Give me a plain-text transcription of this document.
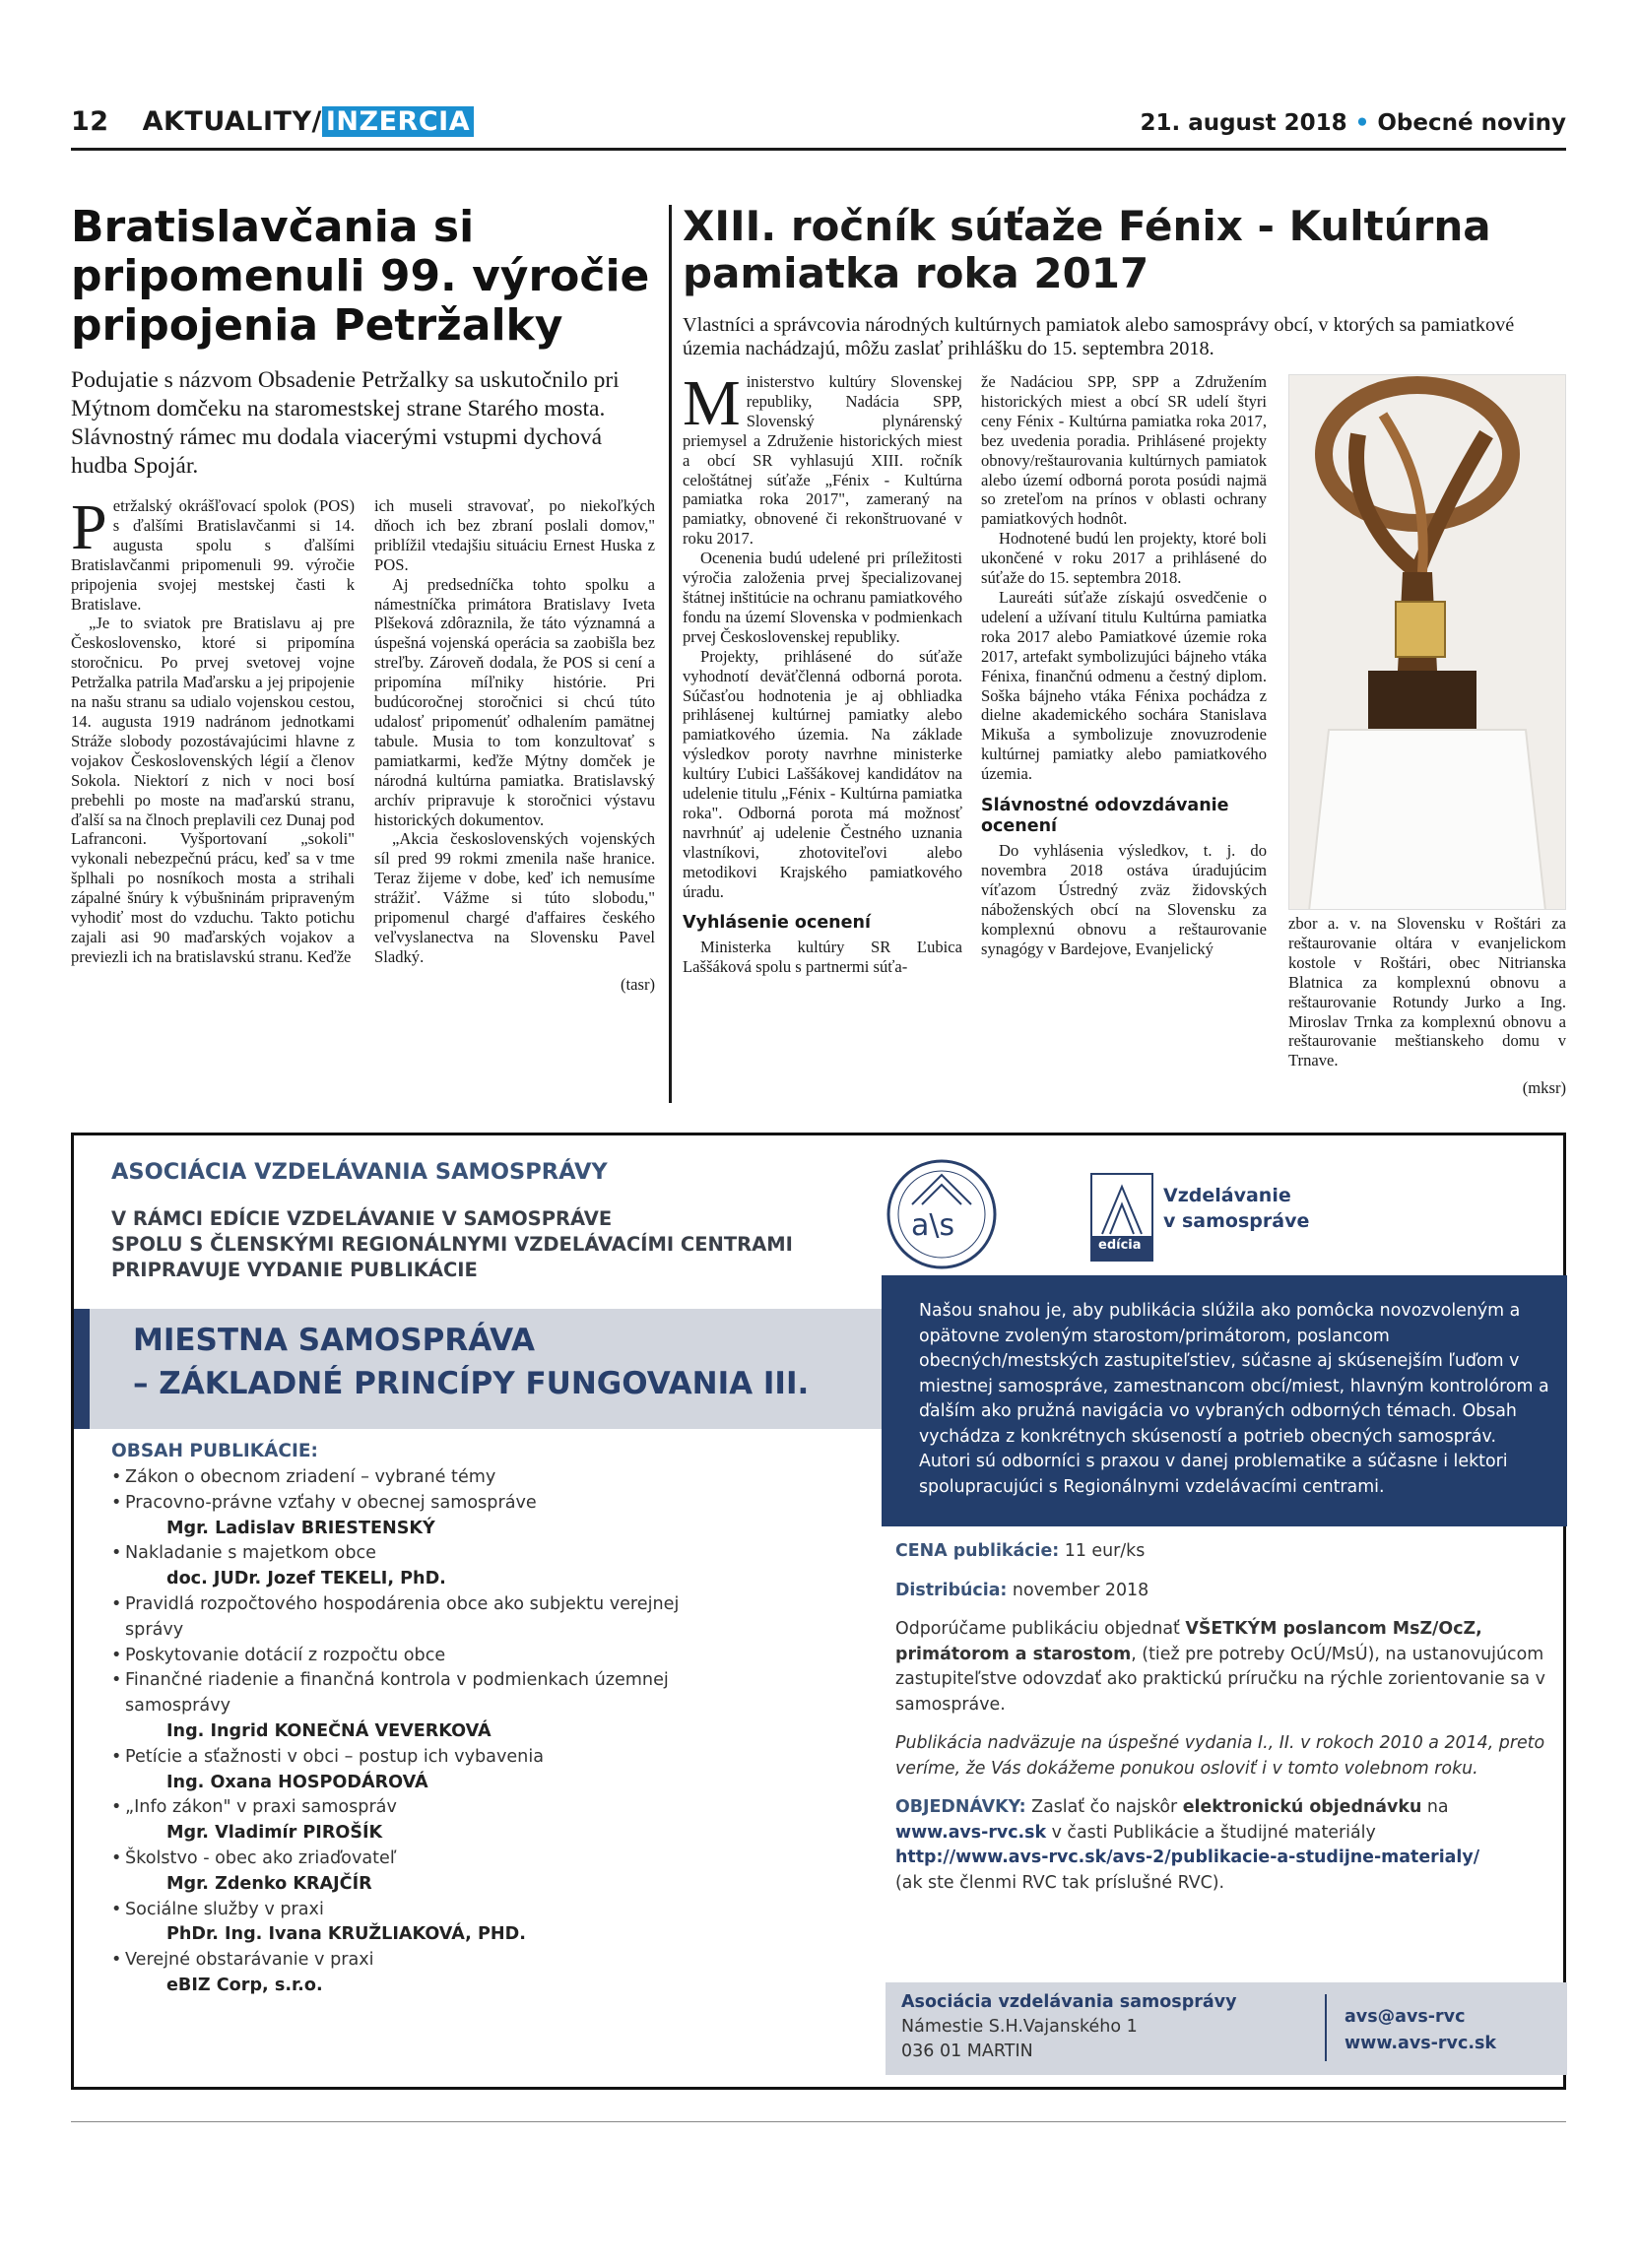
12 AKTUALITY/ INZERCIA	21. august 2018 • Obecné noviny
Bratislavčania si pripomenuli 99. výročie pripojenia Petržalky

Podujatie s názvom Obsadenie Petržalky sa uskutočnilo pri Mýtnom domčeku na staromestskej strane Starého mosta. Slávnostný rámec mu dodala viacerými vstupmi dychová hudba Spojár.

Petržalský okrášľovací spolok (POS) s ďalšími Bratislavčanmi si 14. augusta spolu s ďalšími Bratislavčanmi pripomenuli 99. výročie pripojenia svojej mestskej časti k Bratislave.

„Je to sviatok pre Bratislavu aj pre Československo, ktoré si pripomína storočnicu. Po prvej svetovej vojne Petržalka patrila Maďarsku a jej pripojenie na našu stranu sa udialo vojenskou cestou, 14. augusta 1919 nadránom jednotkami Stráže slobody pozostávajúcimi hlavne z vojakov Československých légií a členov Sokola. Niektorí z nich v noci bosí prebehli po moste na maďarskú stranu, ďalší sa na člnoch preplavili cez Dunaj pod Lafranconi. Vyšportovaní „sokoli" vykonali nebezpečnú prácu, keď sa v tme šplhali po nosníkoch mosta a strihali zápalné šnúry k výbušninám pripraveným vyhodiť most do vzduchu. Takto potichu zajali asi 90 maďarských vojakov a previezli ich na bratislavskú stranu. Keďže

ich museli stravovať, po niekoľkých dňoch ich bez zbraní poslali domov," priblížil vtedajšiu situáciu Ernest Huska z POS.

Aj predsedníčka tohto spolku a námestníčka primátora Bratislavy Iveta Plšeková zdôraznila, že táto významná a úspešná vojenská operácia sa zaobišla bez streľby. Zároveň dodala, že POS si cení a pripomína míľniky histórie. Pri budúcoročnej storočnici si chcú túto udalosť pripomenúť odhalením pamätnej tabule. Musia to tom konzultovať s pamiatkarmi, keďže Mýtny domček je národná kultúrna pamiatka. Bratislavský archív pripravuje k storočnici výstavu historických dokumentov.

„Akcia československých vojenských síl pred 99 rokmi zmenila naše hranice. Teraz žijeme v dobe, keď ich nemusíme strážiť. Vážme si túto slobodu," pripomenul chargé d'affaires českého veľvyslanectva na Slovensku Pavel Sladký.

(tasr)
XIII. ročník súťaže Fénix - Kultúrna pamiatka roka 2017

Vlastníci a správcovia národných kultúrnych pamiatok alebo samosprávy obcí, v ktorých sa pamiatkové územia nachádzajú, môžu zaslať prihlášku do 15. septembra 2018.

Ministerstvo kultúry Slovenskej republiky, Nadácia SPP, Slovenský plynárenský priemysel a Združenie historických miest a obcí SR vyhlasujú XIII. ročník celoštátnej súťaže „Fénix - Kultúrna pamiatka roka 2017", zameraný na pamiatky, obnovené či rekonštruované v roku 2017.

Ocenenia budú udelené pri príležitosti výročia založenia prvej špecializovanej štátnej inštitúcie na ochranu pamiatkového fondu na území Slovenska v podmienkach prvej Československej republiky.

Projekty, prihlásené do súťaže vyhodnotí deväťčlenná odborná porota. Súčasťou hodnotenia je aj obhliadka prihlásenej kultúrnej pamiatky alebo pamiatkového územia. Na základe výsledkov poroty navrhne ministerke kultúry Ľubici Laššákovej kandidátov na udelenie titulu „Fénix - Kultúrna pamiatka roka". Odborná porota má možnosť navrhnúť aj udelenie Čestného uznania vlastníkovi, zhotoviteľovi alebo metodikovi Krajského pamiatkového úradu.

Vyhlásenie ocenení

Ministerka kultúry SR Ľubica Laššáková spolu s partnermi súťa-

že Nadáciou SPP, SPP a Združením historických miest a obcí SR udelí štyri ceny Fénix - Kultúrna pamiatka roka 2017, bez uvedenia poradia. Prihlásené projekty obnovy/reštaurovania kultúrnych pamiatok alebo území odborná porota posúdi najmä so zreteľom na prínos v oblasti ochrany pamiatkových hodnôt.

Hodnotené budú len projekty, ktoré boli ukončené v roku 2017 a prihlásené do súťaže do 15. septembra 2018.

Laureáti súťaže získajú osvedčenie o udelení a užívaní titulu Kultúrna pamiatka roka 2017 alebo Pamiatkové územie roka 2017, artefakt symbolizujúci bájneho vtáka Fénixa, finančnú odmenu a čestný diplom. Soška bájneho vtáka Fénixa pochádza z dielne akademického sochára Stanislava Mikuša a symbolizuje znovuzrodenie kultúrnej pamiatky alebo pamiatkového územia.

Slávnostné odovzdávanie ocenení

Do vyhlásenia výsledkov, t. j. do novembra 2018 ostáva úradujúcim víťazom Ústredný zväz židovských náboženských obcí na Slovensku za komplexnú obnovu a reštaurovanie synagógy v Bardejove, Evanjelický

zbor a. v. na Slovensku v Roštári za reštaurovanie oltára v evanjelickom kostole v Roštári, obec Nitrianska Blatnica za komplexnú obnovu a reštaurovanie Rotundy Jurko a Ing. Miroslav Trnka za komplexnú obnovu a reštaurovanie meštianskeho domu v Trnave.

(mksr)
ASOCIÁCIA VZDELÁVANIA SAMOSPRÁVY
V RÁMCI EDÍCIE VZDELÁVANIE V SAMOSPRÁVE
SPOLU S ČLENSKÝMI REGIONÁLNYMI VZDELÁVACÍMI CENTRAMI
PRIPRAVUJE VYDANIE PUBLIKÁCIE
a\s
edícia
Vzdelávanie
v samospráve
MIESTNA SAMOSPRÁVA
– ZÁKLADNÉ PRINCÍPY FUNGOVANIA III.
Našou snahou je, aby publikácia slúžila ako pomôcka novozvoleným a opätovne zvoleným starostom/primátorom, poslancom obecných/mestských zastupiteľstiev, súčasne aj skúsenejším ľuďom v miestnej samospráve, zamestnancom obcí/miest, hlavným kontrolórom a ďalším ako pružná navigácia vo vybraných odborných témach. Obsah vychádza z konkrétnych skúseností a potrieb obecných samospráv. Autori sú odborníci s praxou v danej problematike a súčasne i lektori spolupracujúci s Regionálnymi vzdelávacími centrami.
OBSAH PUBLIKÁCIE:
• Zákon o obecnom zriadení – vybrané témy
• Pracovno-právne vzťahy v obecnej samospráve
Mgr. Ladislav BRIESTENSKÝ
• Nakladanie s majetkom obce
doc. JUDr. Jozef TEKELI, PhD.
• Pravidlá rozpočtového hospodárenia obce ako subjektu verejnej
správy
• Poskytovanie dotácií z rozpočtu obce
• Finančné riadenie a finančná kontrola v podmienkach územnej
samosprávy
Ing. Ingrid KONEČNÁ VEVERKOVÁ
• Petície a sťažnosti v obci – postup ich vybavenia
Ing. Oxana HOSPODÁROVÁ
• „Info zákon" v praxi samospráv
Mgr. Vladimír PIROŠÍK
• Školstvo - obec ako zriaďovateľ
Mgr. Zdenko KRAJČÍR
• Sociálne služby v praxi
PhDr. Ing. Ivana KRUŽLIAKOVÁ, PHD.
• Verejné obstarávanie v praxi
eBIZ Corp, s.r.o.
CENA publikácie: 11 eur/ks
Distribúcia: november 2018
Odporúčame publikáciu objednať VŠETKÝM poslancom MsZ/OcZ, primátorom a starostom, (tiež pre potreby OcÚ/MsÚ), na ustanovujúcom zastupiteľstve odovzdať ako praktickú príručku na rýchle zorientovanie sa v samospráve.
Publikácia nadväzuje na úspešné vydania I., II. v rokoch 2010 a 2014, preto veríme, že Vás dokážeme ponukou osloviť i v tomto volebnom roku.
OBJEDNÁVKY: Zaslať čo najskôr elektronickú objednávku na
www.avs-rvc.sk v časti Publikácie a študijné materiály
http://www.avs-rvc.sk/avs-2/publikacie-a-studijne-materialy/
(ak ste členmi RVC tak príslušné RVC).
Asociácia vzdelávania samosprávy
Námestie S.H.Vajanského 1
036 01 MARTIN
avs@avs-rvc
www.avs-rvc.sk
